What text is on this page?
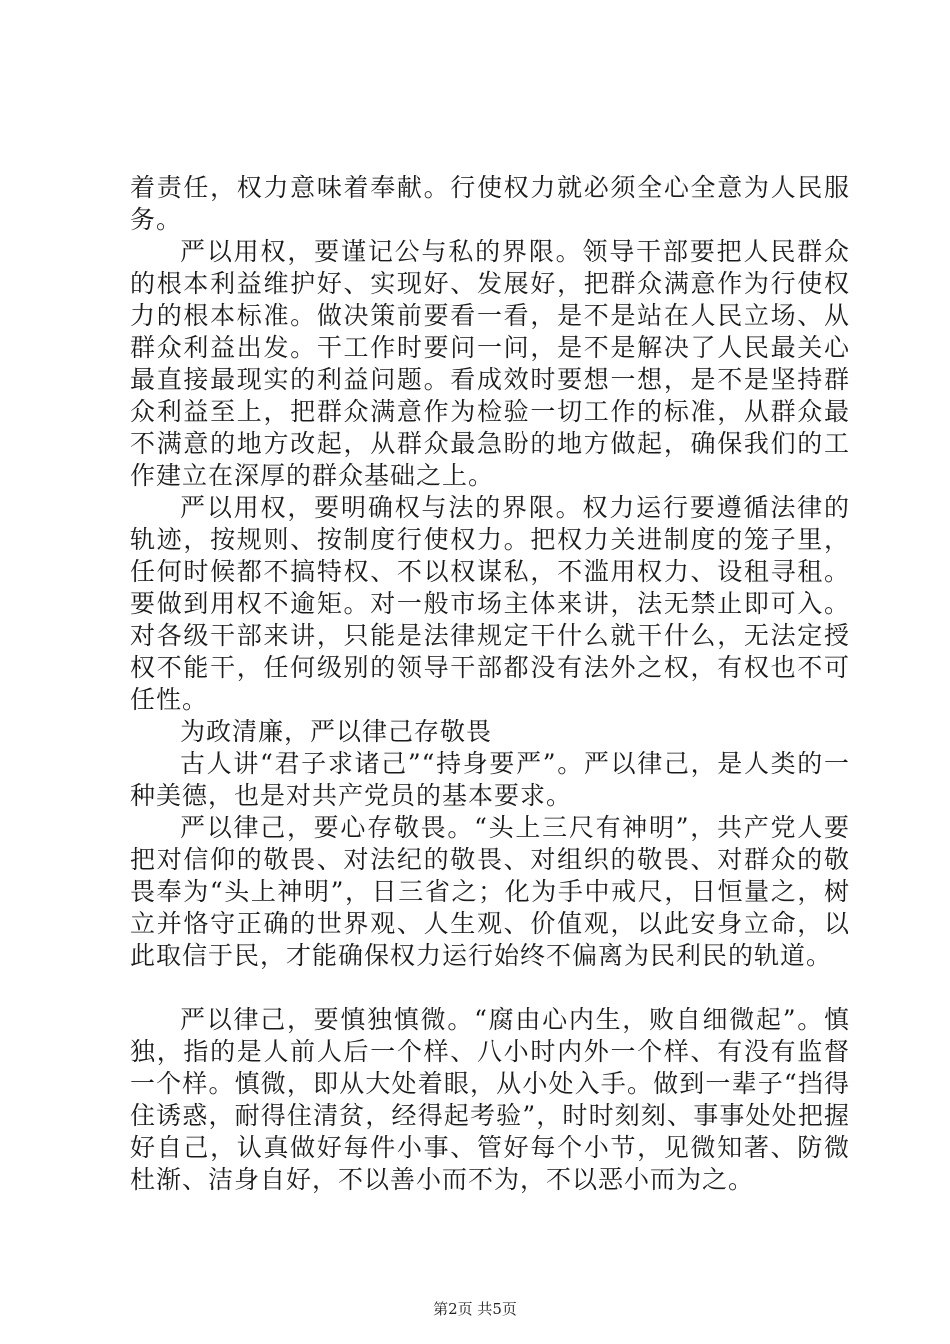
着责任，权力意味着奉献。行使权力就必须全心全意为人民服务。

严以用权，要谨记公与私的界限。领导干部要把人民群众的根本利益维护好、实现好、发展好，把群众满意作为行使权力的根本标准。做决策前要看一看，是不是站在人民立场、从群众利益出发。干工作时要问一问，是不是解决了人民最关心最直接最现实的利益问题。看成效时要想一想，是不是坚持群众利益至上，把群众满意作为检验一切工作的标准，从群众最不满意的地方改起，从群众最急盼的地方做起，确保我们的工作建立在深厚的群众基础之上。

严以用权，要明确权与法的界限。权力运行要遵循法律的轨迹，按规则、按制度行使权力。把权力关进制度的笼子里，任何时候都不搞特权、不以权谋私，不滥用权力、设租寻租。要做到用权不逾矩。对一般市场主体来讲，法无禁止即可入。对各级干部来讲，只能是法律规定干什么就干什么，无法定授权不能干，任何级别的领导干部都没有法外之权，有权也不可任性。

为政清廉，严以律己存敬畏

古人讲“君子求诸己”“持身要严”。严以律己，是人类的一种美德，也是对共产党员的基本要求。

严以律己，要心存敬畏。“头上三尺有神明”，共产党人要把对信仰的敬畏、对法纪的敬畏、对组织的敬畏、对群众的敬畏奉为“头上神明”，日三省之；化为手中戒尺，日恒量之，树立并恪守正确的世界观、人生观、价值观，以此安身立命，以此取信于民，才能确保权力运行始终不偏离为民利民的轨道。

严以律己，要慎独慎微。“腐由心内生，败自细微起”。慎独，指的是人前人后一个样、八小时内外一个样、有没有监督一个样。慎微，即从大处着眼，从小处入手。做到一辈子“挡得住诱惑，耐得住清贫，经得起考验”，时时刻刻、事事处处把握好自己，认真做好每件小事、管好每个小节，见微知著、防微杜渐、洁身自好，不以善小而不为，不以恶小而为之。

第2页 共5页
